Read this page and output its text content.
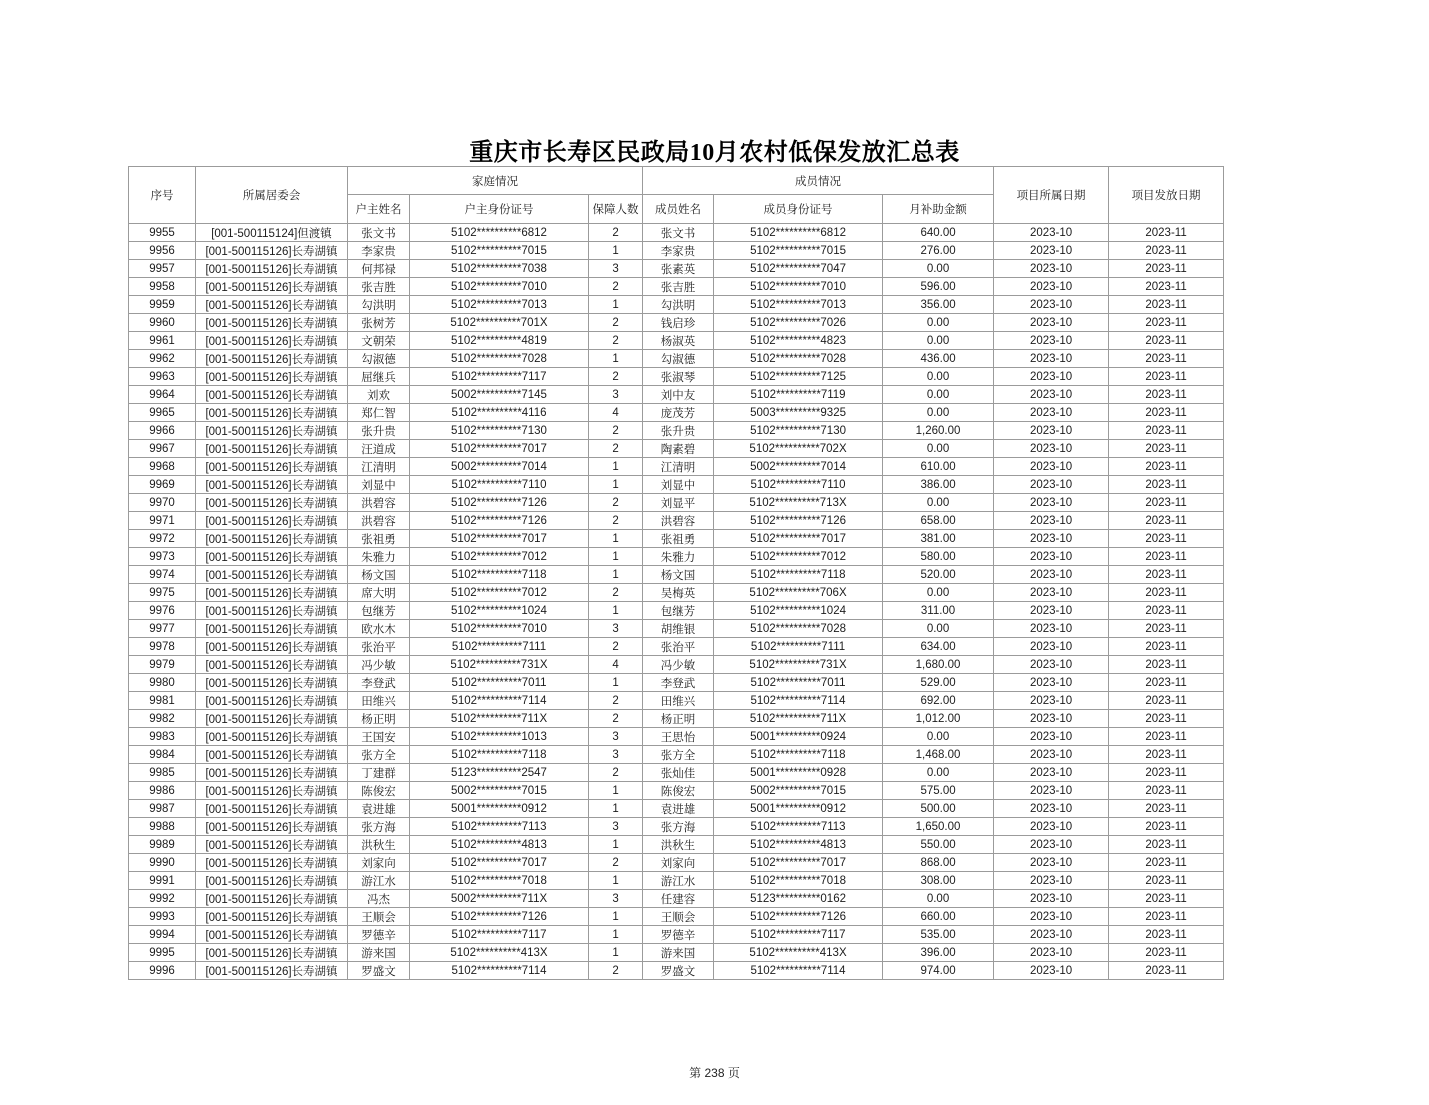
重庆市长寿区民政局10月农村低保发放汇总表
序号	所属居委会	家庭情况			成员情况			项目所属日期	项目发放日期
		户主姓名	户主身份证号	保障人数	成员姓名	成员身份证号	月补助金额		
9955	[001-500115124]但渡镇	张文书	5102**********6812	2	张文书	5102**********6812	640.00	2023-10	2023-11
9956	[001-500115126]长寿湖镇	李家贵	5102**********7015	1	李家贵	5102**********7015	276.00	2023-10	2023-11
9957	[001-500115126]长寿湖镇	何邦禄	5102**********7038	3	张素英	5102**********7047	0.00	2023-10	2023-11
9958	[001-500115126]长寿湖镇	张吉胜	5102**********7010	2	张吉胜	5102**********7010	596.00	2023-10	2023-11
9959	[001-500115126]长寿湖镇	勾洪明	5102**********7013	1	勾洪明	5102**********7013	356.00	2023-10	2023-11
9960	[001-500115126]长寿湖镇	张树芳	5102**********701X	2	钱启珍	5102**********7026	0.00	2023-10	2023-11
9961	[001-500115126]长寿湖镇	文朝荣	5102**********4819	2	杨淑英	5102**********4823	0.00	2023-10	2023-11
9962	[001-500115126]长寿湖镇	勾淑德	5102**********7028	1	勾淑德	5102**********7028	436.00	2023-10	2023-11
9963	[001-500115126]长寿湖镇	屈继兵	5102**********7117	2	张淑琴	5102**********7125	0.00	2023-10	2023-11
9964	[001-500115126]长寿湖镇	刘欢	5002**********7145	3	刘中友	5102**********7119	0.00	2023-10	2023-11
9965	[001-500115126]长寿湖镇	郑仁智	5102**********4116	4	庞茂芳	5003**********9325	0.00	2023-10	2023-11
9966	[001-500115126]长寿湖镇	张升贵	5102**********7130	2	张升贵	5102**********7130	1,260.00	2023-10	2023-11
9967	[001-500115126]长寿湖镇	汪道成	5102**********7017	2	陶素碧	5102**********702X	0.00	2023-10	2023-11
9968	[001-500115126]长寿湖镇	江清明	5002**********7014	1	江清明	5002**********7014	610.00	2023-10	2023-11
9969	[001-500115126]长寿湖镇	刘显中	5102**********7110	1	刘显中	5102**********7110	386.00	2023-10	2023-11
9970	[001-500115126]长寿湖镇	洪碧容	5102**********7126	2	刘显平	5102**********713X	0.00	2023-10	2023-11
9971	[001-500115126]长寿湖镇	洪碧容	5102**********7126	2	洪碧容	5102**********7126	658.00	2023-10	2023-11
9972	[001-500115126]长寿湖镇	张祖勇	5102**********7017	1	张祖勇	5102**********7017	381.00	2023-10	2023-11
9973	[001-500115126]长寿湖镇	朱雅力	5102**********7012	1	朱雅力	5102**********7012	580.00	2023-10	2023-11
9974	[001-500115126]长寿湖镇	杨文国	5102**********7118	1	杨文国	5102**********7118	520.00	2023-10	2023-11
9975	[001-500115126]长寿湖镇	席大明	5102**********7012	2	吴梅英	5102**********706X	0.00	2023-10	2023-11
9976	[001-500115126]长寿湖镇	包继芳	5102**********1024	1	包继芳	5102**********1024	311.00	2023-10	2023-11
9977	[001-500115126]长寿湖镇	欧水木	5102**********7010	3	胡维银	5102**********7028	0.00	2023-10	2023-11
9978	[001-500115126]长寿湖镇	张治平	5102**********7111	2	张治平	5102**********7111	634.00	2023-10	2023-11
9979	[001-500115126]长寿湖镇	冯少敏	5102**********731X	4	冯少敏	5102**********731X	1,680.00	2023-10	2023-11
9980	[001-500115126]长寿湖镇	李登武	5102**********7011	1	李登武	5102**********7011	529.00	2023-10	2023-11
9981	[001-500115126]长寿湖镇	田维兴	5102**********7114	2	田维兴	5102**********7114	692.00	2023-10	2023-11
9982	[001-500115126]长寿湖镇	杨正明	5102**********711X	2	杨正明	5102**********711X	1,012.00	2023-10	2023-11
9983	[001-500115126]长寿湖镇	王国安	5102**********1013	3	王思怡	5001**********0924	0.00	2023-10	2023-11
9984	[001-500115126]长寿湖镇	张方全	5102**********7118	3	张方全	5102**********7118	1,468.00	2023-10	2023-11
9985	[001-500115126]长寿湖镇	丁建群	5123**********2547	2	张灿佳	5001**********0928	0.00	2023-10	2023-11
9986	[001-500115126]长寿湖镇	陈俊宏	5002**********7015	1	陈俊宏	5002**********7015	575.00	2023-10	2023-11
9987	[001-500115126]长寿湖镇	袁进雄	5001**********0912	1	袁进雄	5001**********0912	500.00	2023-10	2023-11
9988	[001-500115126]长寿湖镇	张方海	5102**********7113	3	张方海	5102**********7113	1,650.00	2023-10	2023-11
9989	[001-500115126]长寿湖镇	洪秋生	5102**********4813	1	洪秋生	5102**********4813	550.00	2023-10	2023-11
9990	[001-500115126]长寿湖镇	刘家向	5102**********7017	2	刘家向	5102**********7017	868.00	2023-10	2023-11
9991	[001-500115126]长寿湖镇	游江水	5102**********7018	1	游江水	5102**********7018	308.00	2023-10	2023-11
9992	[001-500115126]长寿湖镇	冯杰	5002**********711X	3	任建容	5123**********0162	0.00	2023-10	2023-11
9993	[001-500115126]长寿湖镇	王顺会	5102**********7126	1	王顺会	5102**********7126	660.00	2023-10	2023-11
9994	[001-500115126]长寿湖镇	罗德辛	5102**********7117	1	罗德辛	5102**********7117	535.00	2023-10	2023-11
9995	[001-500115126]长寿湖镇	游来国	5102**********413X	1	游来国	5102**********413X	396.00	2023-10	2023-11
9996	[001-500115126]长寿湖镇	罗盛文	5102**********7114	2	罗盛文	5102**********7114	974.00	2023-10	2023-11
第 238 页
